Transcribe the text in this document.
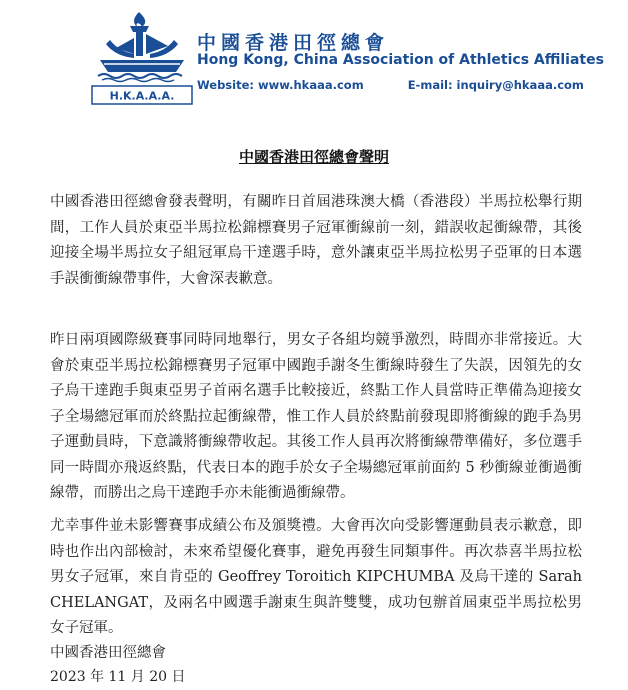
H.K.A.A.A.
中國香港田徑總會
Hong Kong, China Association of Athletics Affiliates
Website: www.hkaaa.com	E-mail: inquiry@hkaaa.com
中國香港田徑總會聲明
中國香港田徑總會發表聲明，有關昨日首屆港珠澳大橋（香港段）半馬拉松舉行期間，工作人員於東亞半馬拉松錦標賽男子冠軍衝線前一刻，錯誤收起衝線帶，其後迎接全場半馬拉女子組冠軍烏干達選手時，意外讓東亞半馬拉松男子亞軍的日本選手誤衝衝線帶事件，大會深表歉意。
昨日兩項國際級賽事同時同地舉行，男女子各組均競爭激烈，時間亦非常接近。大會於東亞半馬拉松錦標賽男子冠軍中國跑手謝冬生衝線時發生了失誤，因領先的女子烏干達跑手與東亞男子首兩名選手比較接近，終點工作人員當時正準備為迎接女子全場總冠軍而於終點拉起衝線帶，惟工作人員於終點前發現即將衝線的跑手為男子運動員時，下意識將衝線帶收起。其後工作人員再次將衝線帶準備好，多位選手同一時間亦飛返終點，代表日本的跑手於女子全場總冠軍前面約 5 秒衝線並衝過衝線帶，而勝出之烏干達跑手亦未能衝過衝線帶。
尤幸事件並未影響賽事成績公布及頒獎禮。大會再次向受影響運動員表示歉意，即時也作出內部檢討，未來希望優化賽事，避免再發生同類事件。再次恭喜半馬拉松男女子冠軍，來自肯亞的 Geoffrey Toroitich KIPCHUMBA 及烏干達的 Sarah CHELANGAT，及兩名中國選手謝東生與許雙雙，成功包辦首屆東亞半馬拉松男女子冠軍。
中國香港田徑總會
2023 年 11 月 20 日
